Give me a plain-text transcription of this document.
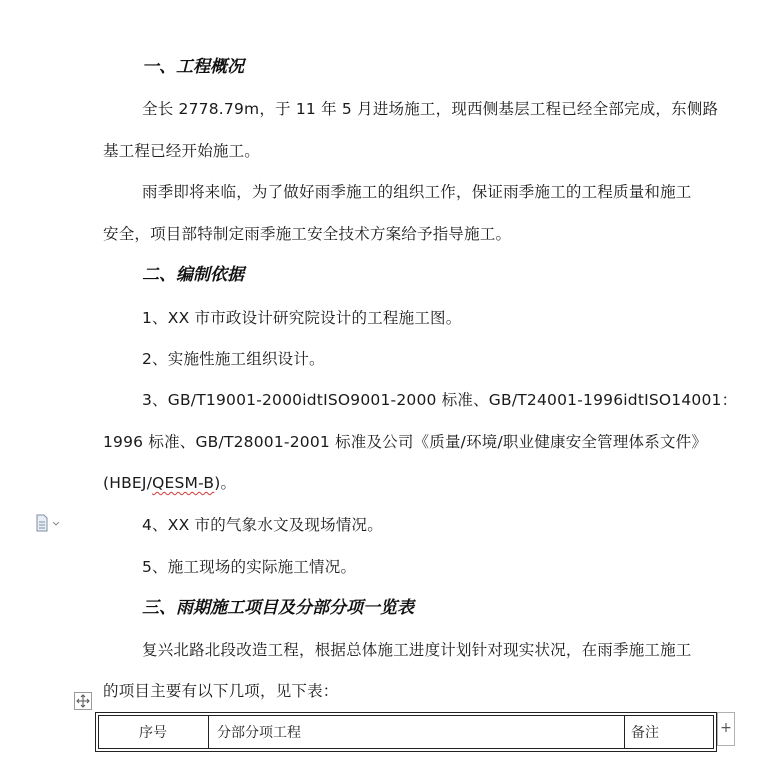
一、工程概况
全长 2778.79m，于 11 年 5 月进场施工，现西侧基层工程已经全部完成，东侧路
基工程已经开始施工。
雨季即将来临，为了做好雨季施工的组织工作，保证雨季施工的工程质量和施工
安全，项目部特制定雨季施工安全技术方案给予指导施工。
二、编制依据
1、XX 市市政设计研究院设计的工程施工图。
2、实施性施工组织设计。
3、GB/T19001-2000idtISO9001-2000 标准、GB/T24001-1996idtISO14001：
1996 标准、GB/T28001-2001 标准及公司《质量/环境/职业健康安全管理体系文件》
(HBEJ/QESM-B)。
4、XX 市的气象水文及现场情况。
5、施工现场的实际施工情况。
三、雨期施工项目及分部分项一览表
复兴北路北段改造工程，根据总体施工进度计划针对现实状况，在雨季施工施工
的项目主要有以下几项，见下表：
序号	分部分项工程	备注	+
